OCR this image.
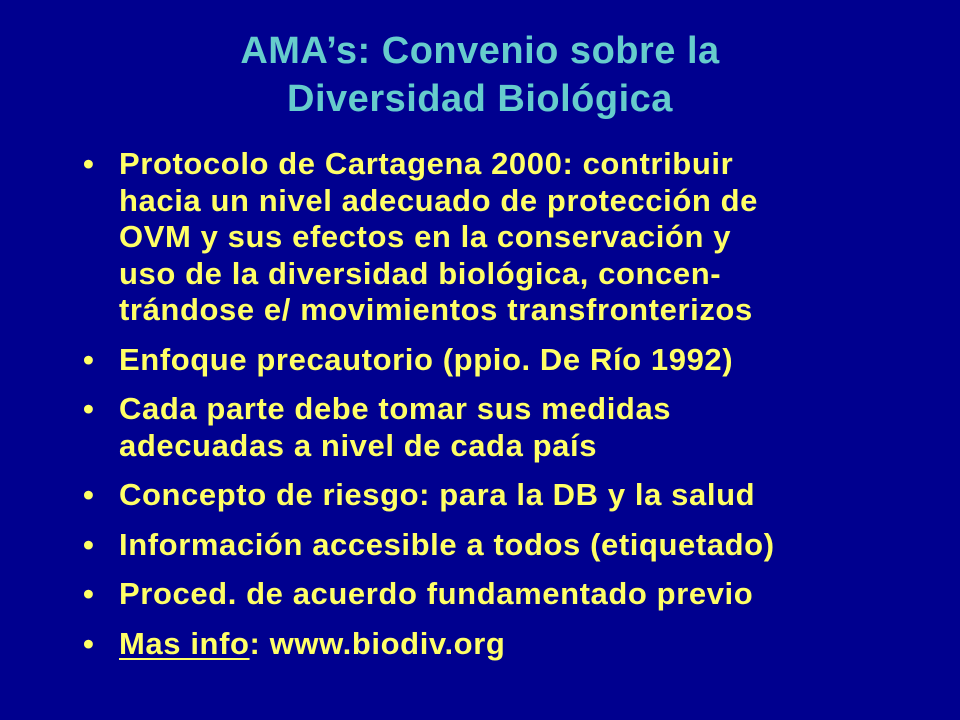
AMA’s: Convenio sobre la
Diversidad Biológica
• Protocolo de Cartagena 2000: contribuir
hacia un nivel adecuado de protección de
OVM y sus efectos en la conservación y
uso de la diversidad biológica, concen-
trándose e/ movimientos transfronterizos
• Enfoque precautorio (ppio. De Río 1992)
• Cada parte debe tomar sus medidas
adecuadas a nivel de cada país
• Concepto de riesgo: para la DB y la salud
• Información accesible a todos (etiquetado)
• Proced. de acuerdo fundamentado previo
• Mas info: www.biodiv.org
